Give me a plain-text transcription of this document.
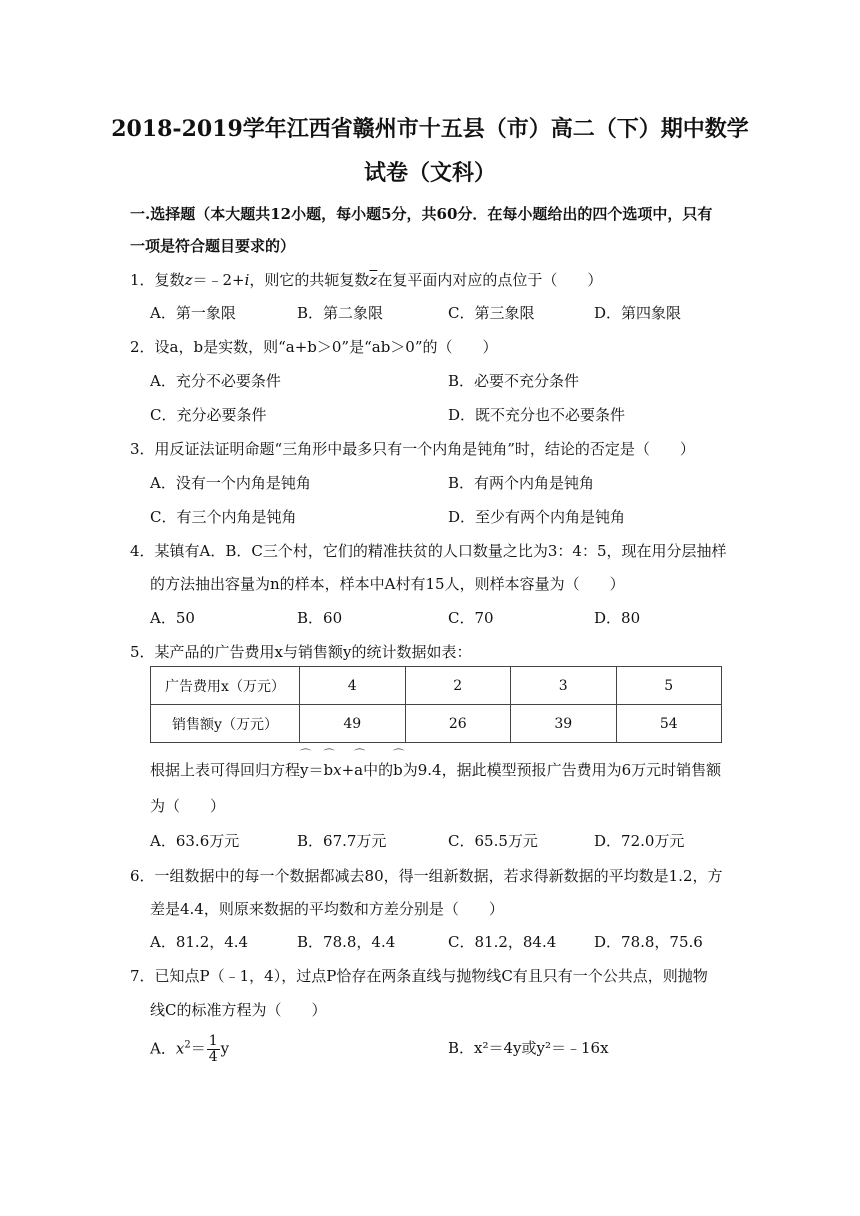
2018-2019学年江西省赣州市十五县（市）高二（下）期中数学
试卷（文科）
一.选择题（本大题共12小题，每小题5分，共60分．在每小题给出的四个选项中，只有
一项是符合题目要求的）
1．复数z＝﹣2+i，则它的共轭复数$\overline{z}$在复平面内对应的点位于（　　）
A．第一象限	B．第二象限	C．第三象限	D．第四象限
2．设a，b是实数，则“a+b＞0”是“ab＞0”的（　　）
A．充分不必要条件	B．必要不充分条件
C．充分必要条件	D．既不充分也不必要条件
3．用反证法证明命题“三角形中最多只有一个内角是钝角”时，结论的否定是（　　）
A．没有一个内角是钝角	B．有两个内角是钝角
C．有三个内角是钝角	D．至少有两个内角是钝角
4．某镇有A．B．C三个村，它们的精准扶贫的人口数量之比为3：4：5，现在用分层抽样
的方法抽出容量为n的样本，样本中A村有15人，则样本容量为（　　）
A．50	B．60	C．70	D．80
5．某产品的广告费用x与销售额y的统计数据如表：
广告费用x（万元）	4	2	3	5
销售额y（万元）	49	26	39	54
根据上表可得回归方程⌒ y＝⌒ bx+⌒ a中的⌒ b为9.4，据此模型预报广告费用为6万元时销售额
为（　　）
A．63.6万元	B．67.7万元	C．65.5万元	D．72.0万元
6．一组数据中的每一个数据都减去80，得一组新数据，若求得新数据的平均数是1.2，方
差是4.4，则原来数据的平均数和方差分别是（　　）
A．81.2，4.4	B．78.8，4.4	C．81.2，84.4	D．78.8，75.6
7．已知点P（﹣1，4），过点P恰存在两条直线与抛物线C有且只有一个公共点，则抛物
线C的标准方程为（　　）
A．$x^2= \frac{1}{4}$ y	B．x²＝4y或y²＝﹣16x
